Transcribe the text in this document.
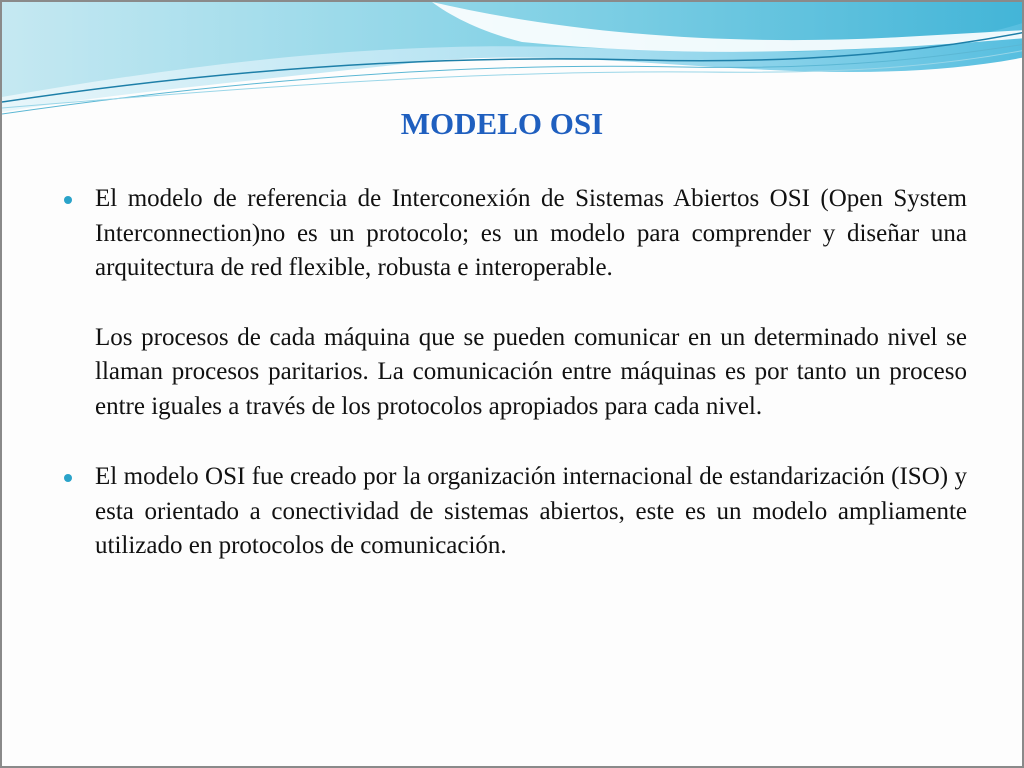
MODELO OSI

El modelo de referencia de Interconexión de Sistemas Abiertos OSI (Open System Interconnection)no es un protocolo; es un modelo para comprender y diseñar una arquitectura de red flexible, robusta e interoperable.

Los procesos de cada máquina que se pueden comunicar en un determinado nivel se llaman procesos paritarios. La comunicación entre máquinas es por tanto un proceso entre iguales a través de los protocolos apropiados para cada nivel.

El modelo OSI fue creado por la organización internacional de estandarización (ISO) y esta orientado a conectividad de sistemas abiertos, este es un modelo ampliamente utilizado en protocolos de comunicación.
